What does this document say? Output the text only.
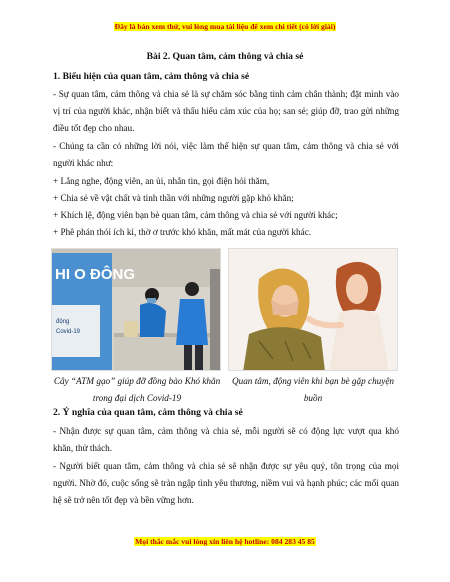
Đây là bản xem thử, vui lòng mua tài liệu để xem chi tiết (có lời giải)
Bài 2. Quan tâm, cảm thông và chia sẻ
1. Biểu hiện của quan tâm, cảm thông và chia sẻ
- Sự quan tâm, cảm thông và chia sẻ là sự chăm sóc bằng tình cảm chân thành; đặt mình vào vị trí của người khác, nhận biết và thấu hiểu cảm xúc của họ; san sẻ; giúp đỡ, trao gửi những điều tốt đẹp cho nhau.
- Chúng ta cần có những lời nói, việc làm thể hiện sự quan tâm, cảm thông và chia sẻ với người khác như:
+ Lắng nghe, động viên, an ủi, nhắn tin, gọi điện hỏi thăm,
+ Chia sẻ về vật chất và tinh thần với những người gặp khó khăn;
+ Khích lệ, động viên bạn bè quan tâm, cảm thông và chia sẻ với người khác;
+ Phê phán thói ích kỉ, thờ ơ trước khó khăn, mất mát của người khác.
HI O ĐÔNG
động
Covid-19
Cây “ATM gạo” giúp đỡ đồng bào Khó khăn trong đại dịch Covid-19
Quan tâm, động viên khi bạn bè gặp chuyện buồn
2. Ý nghĩa của quan tâm, cảm thông và chia sẻ
- Nhận được sự quan tâm, cảm thông và chia sẻ, mỗi người sẽ có động lực vượt qua khó khăn, thử thách.
- Người biết quan tâm, cảm thông và chia sẻ sẽ nhận được sự yêu quý, tôn trọng của mọi người. Nhờ đó, cuộc sống sẽ tràn ngập tình yêu thương, niềm vui và hạnh phúc; các mối quan hệ sẽ trở nên tốt đẹp và bền vững hơn.
Mọi thắc mắc vui lòng xin liên hệ hotline: 084 283 45 85
